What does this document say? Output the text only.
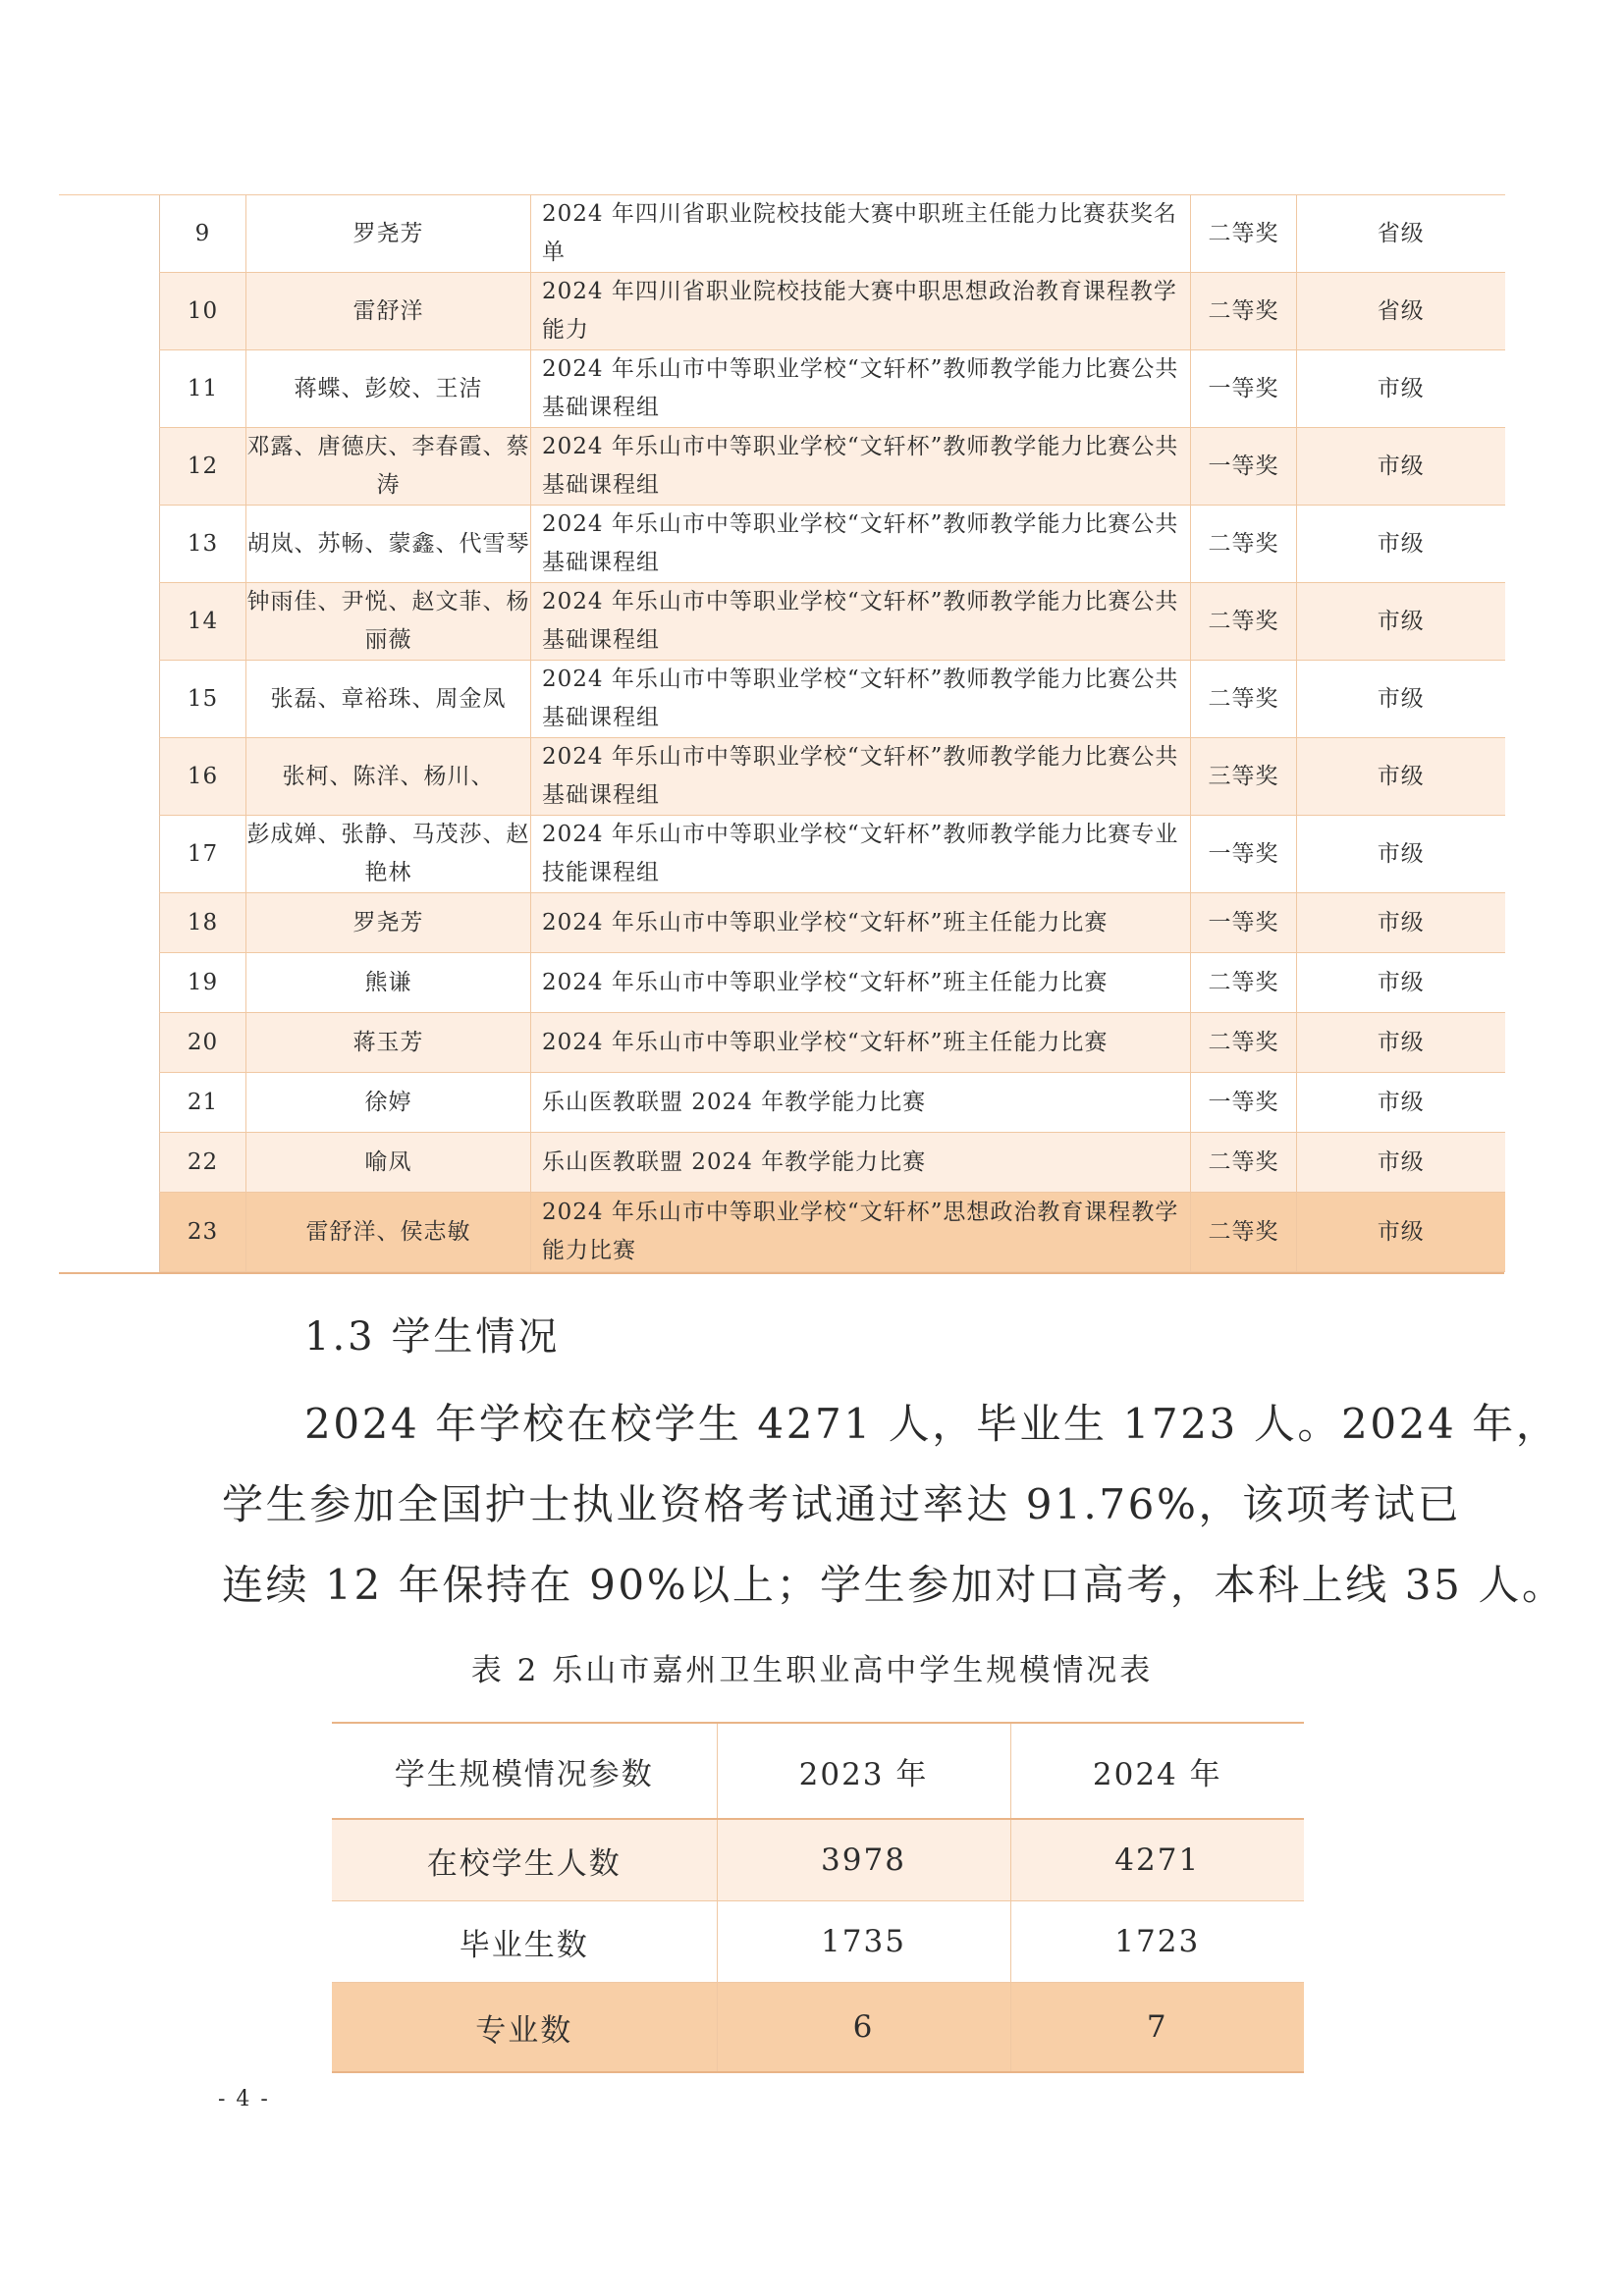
9	罗尧芳	2024 年四川省职业院校技能大赛中职班主任能力比赛获奖名单	二等奖	省级
10	雷舒洋	2024 年四川省职业院校技能大赛中职思想政治教育课程教学能力	二等奖	省级
11	蒋蝶、彭姣、王洁	2024 年乐山市中等职业学校“文轩杯”教师教学能力比赛公共基础课程组	一等奖	市级
12	邓露、唐德庆、李春霞、蔡涛	2024 年乐山市中等职业学校“文轩杯”教师教学能力比赛公共基础课程组	一等奖	市级
13	胡岚、苏畅、蒙鑫、代雪琴	2024 年乐山市中等职业学校“文轩杯”教师教学能力比赛公共基础课程组	二等奖	市级
14	钟雨佳、尹悦、赵文菲、杨丽薇	2024 年乐山市中等职业学校“文轩杯”教师教学能力比赛公共基础课程组	二等奖	市级
15	张磊、章裕珠、周金凤	2024 年乐山市中等职业学校“文轩杯”教师教学能力比赛公共基础课程组	二等奖	市级
16	张柯、陈洋、杨川、	2024 年乐山市中等职业学校“文轩杯”教师教学能力比赛公共基础课程组	三等奖	市级
17	彭成婵、张静、马茂莎、赵艳林	2024 年乐山市中等职业学校“文轩杯”教师教学能力比赛专业技能课程组	一等奖	市级
18	罗尧芳	2024 年乐山市中等职业学校“文轩杯”班主任能力比赛	一等奖	市级
19	熊谦	2024 年乐山市中等职业学校“文轩杯”班主任能力比赛	二等奖	市级
20	蒋玉芳	2024 年乐山市中等职业学校“文轩杯”班主任能力比赛	二等奖	市级
21	徐婷	乐山医教联盟 2024 年教学能力比赛	一等奖	市级
22	喻凤	乐山医教联盟 2024 年教学能力比赛	二等奖	市级
23	雷舒洋、侯志敏	2024 年乐山市中等职业学校“文轩杯”思想政治教育课程教学能力比赛	二等奖	市级
1.3 学生情况
2024 年学校在校学生 4271 人，毕业生 1723 人。2024 年，
学生参加全国护士执业资格考试通过率达 91.76%，该项考试已
连续 12 年保持在 90%以上；学生参加对口高考，本科上线 35 人。
表 2 乐山市嘉州卫生职业高中学生规模情况表
学生规模情况参数	2023 年	2024 年
在校学生人数	3978	4271
毕业生数	1735	1723
专业数	6	7
- 4 -
